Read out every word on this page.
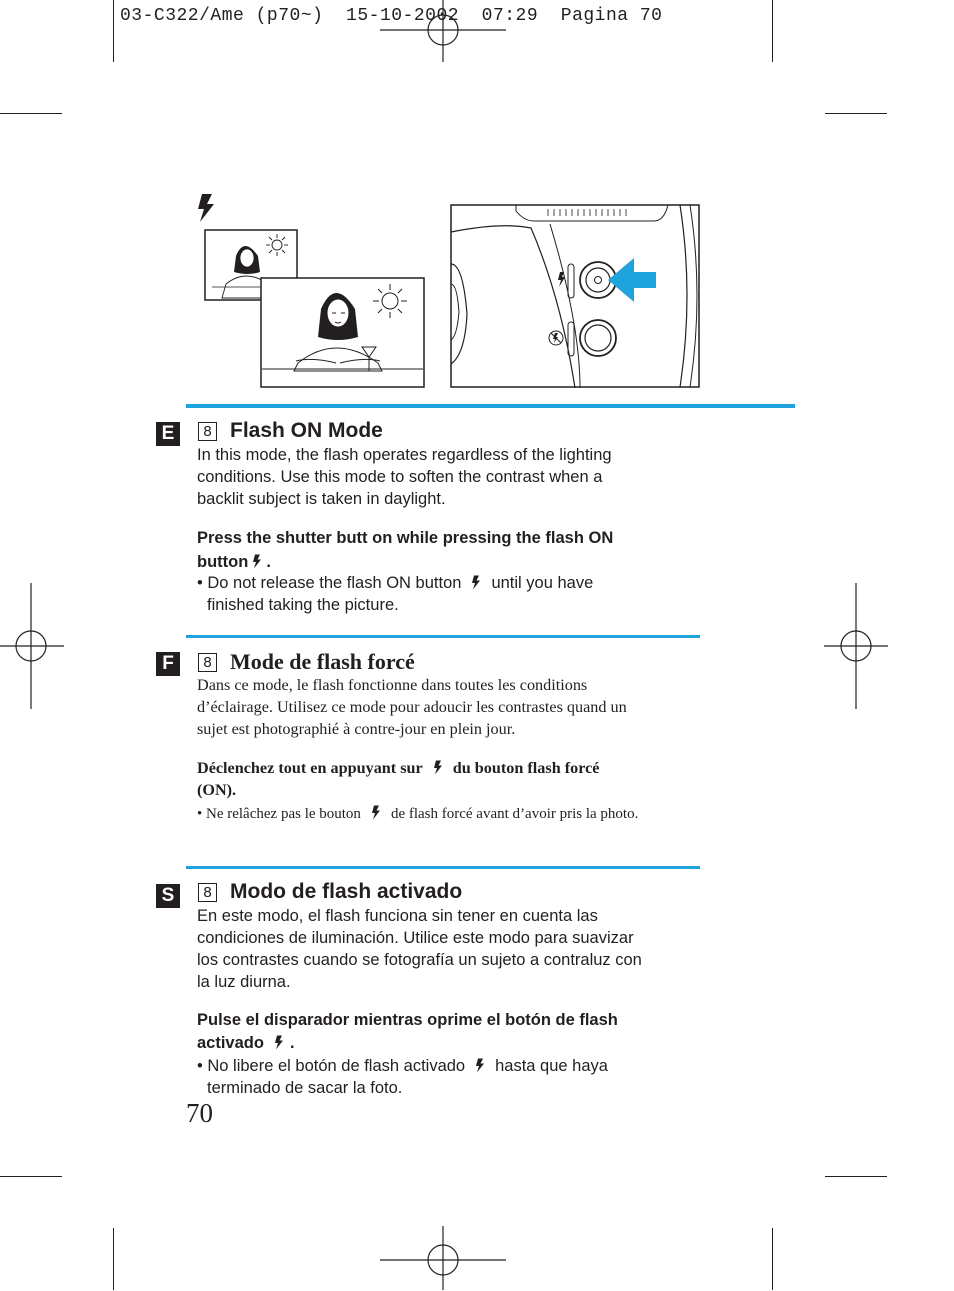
03-C322/Ame (p70~)  15-10-2002  07:29  Pagina 70
E	8 Flash ON Mode
In this mode, the flash operates regardless of the lighting
conditions. Use this mode to soften the contrast when a
backlit subject is taken in daylight.
Press the shutter butt on while pressing the flash ON
button .
• Do not release the flash ON button until you have
finished taking the picture.
F	8 Mode de flash forcé
Dans ce mode, le flash fonctionne dans toutes les conditions
d’éclairage. Utilisez ce mode pour adoucir les contrastes quand un
sujet est photographié à contre-jour en plein jour.
Déclenchez tout en appuyant sur du bouton flash forcé
(ON).
• Ne relâchez pas le bouton de flash forcé avant d’avoir pris la photo.
S	8 Modo de flash activado
En este modo, el flash funciona sin tener en cuenta las
condiciones de iluminación. Utilice este modo para suavizar
los contrastes cuando se fotografía un sujeto a contraluz con
la luz diurna.
Pulse el disparador mientras oprime el botón de flash
activado .
• No libere el botón de flash activado hasta que haya
terminado de sacar la foto.
70
